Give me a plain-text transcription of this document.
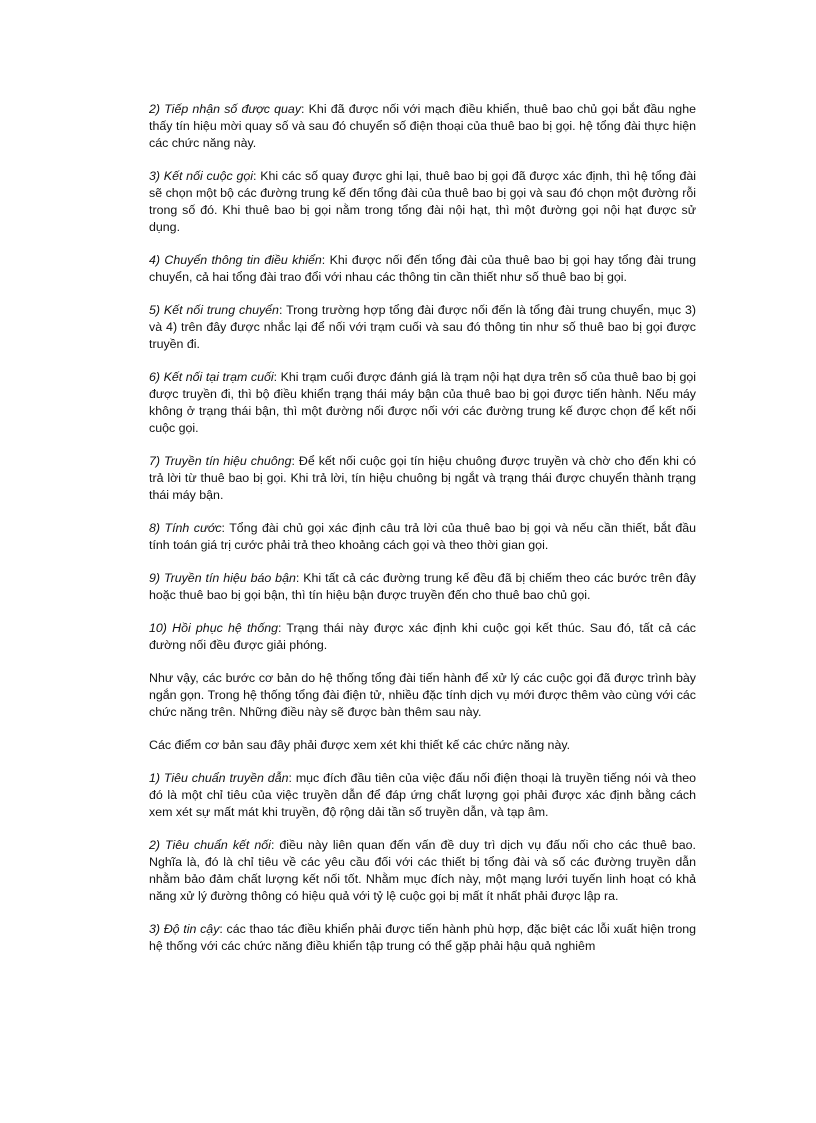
2) Tiếp nhận số được quay: Khi đã được nối với mạch điều khiển, thuê bao chủ gọi bắt đầu nghe thấy tín hiệu mời quay số và sau đó chuyển số điện thoại của thuê bao bị gọi. hệ tổng đài thực hiện các chức năng này.

3) Kết nối cuộc gọi: Khi các số quay được ghi lại, thuê bao bị gọi đã được xác định, thì hệ tổng đài sẽ chọn một bộ các đường trung kế đến tổng đài của thuê bao bị gọi và sau đó chọn một đường rỗi trong số đó. Khi thuê bao bị gọi nằm trong tổng đài nội hạt, thì một đường gọi nội hạt được sử dụng.

4) Chuyển thông tin điều khiển: Khi được nối đến tổng đài của thuê bao bị gọi hay tổng đài trung chuyển, cả hai tổng đài trao đổi với nhau các thông tin cần thiết như số thuê bao bị gọi.

5) Kết nối trung chuyển: Trong trường hợp tổng đài được nối đến là tổng đài trung chuyển, mục 3) và 4) trên đây được nhắc lại để nối với trạm cuối và sau đó thông tin như số thuê bao bị gọi được truyền đi.

6) Kết nối tại trạm cuối: Khi trạm cuối được đánh giá là trạm nội hạt dựa trên số của thuê bao bị gọi được truyền đi, thì bộ điều khiển trạng thái máy bận của thuê bao bị gọi được tiến hành. Nếu máy không ở trạng thái bận, thì một đường nối được nối với các đường trung kế được chọn để kết nối cuộc gọi.

7) Truyền tín hiệu chuông: Để kết nối cuộc gọi tín hiệu chuông được truyền và chờ cho đến khi có trả lời từ thuê bao bị gọi. Khi trả lời, tín hiệu chuông bị ngắt và trạng thái được chuyển thành trạng thái máy bận.

8) Tính cước: Tổng đài chủ gọi xác định câu trả lời của thuê bao bị gọi và nếu cần thiết, bắt đầu tính toán giá trị cước phải trả theo khoảng cách gọi và theo thời gian gọi.

9) Truyền tín hiệu báo bận: Khi tất cả các đường trung kế đều đã bị chiếm theo các bước trên đây hoặc thuê bao bị gọi bận, thì tín hiệu bận được truyền đến cho thuê bao chủ gọi.

10) Hồi phục hệ thống: Trạng thái này được xác định khi cuộc gọi kết thúc. Sau đó, tất cả các đường nối đều được giải phóng.

Như vậy, các bước cơ bản do hệ thống tổng đài tiến hành để xử lý các cuộc gọi đã được trình bày ngắn gọn. Trong hệ thống tổng đài điện tử, nhiều đặc tính dịch vụ mới được thêm vào cùng với các chức năng trên. Những điều này sẽ được bàn thêm sau này.

Các điểm cơ bản sau đây phải được xem xét khi thiết kế các chức năng này.

1) Tiêu chuẩn truyền dẫn: mục đích đầu tiên của việc đấu nối điện thoại là truyền tiếng nói và theo đó là một chỉ tiêu của việc truyền dẫn để đáp ứng chất lượng gọi phải được xác định bằng cách xem xét sự mất mát khi truyền, độ rộng dải tần số truyền dẫn, và tạp âm.

2) Tiêu chuẩn kết nối: điều này liên quan đến vấn đề duy trì dịch vụ đấu nối cho các thuê bao. Nghĩa là, đó là chỉ tiêu về các yêu cầu đối với các thiết bị tổng đài và số các đường truyền dẫn nhằm bảo đảm chất lượng kết nối tốt. Nhằm mục đích này, một mạng lưới tuyến linh hoạt có khả năng xử lý đường thông có hiệu quả với tỷ lệ cuộc gọi bị mất ít nhất phải được lập ra.

3) Độ tin cậy: các thao tác điều khiển phải được tiến hành phù hợp, đặc biệt các lỗi xuất hiện trong hệ thống với các chức năng điều khiển tập trung có thể gặp phải hậu quả nghiêm
